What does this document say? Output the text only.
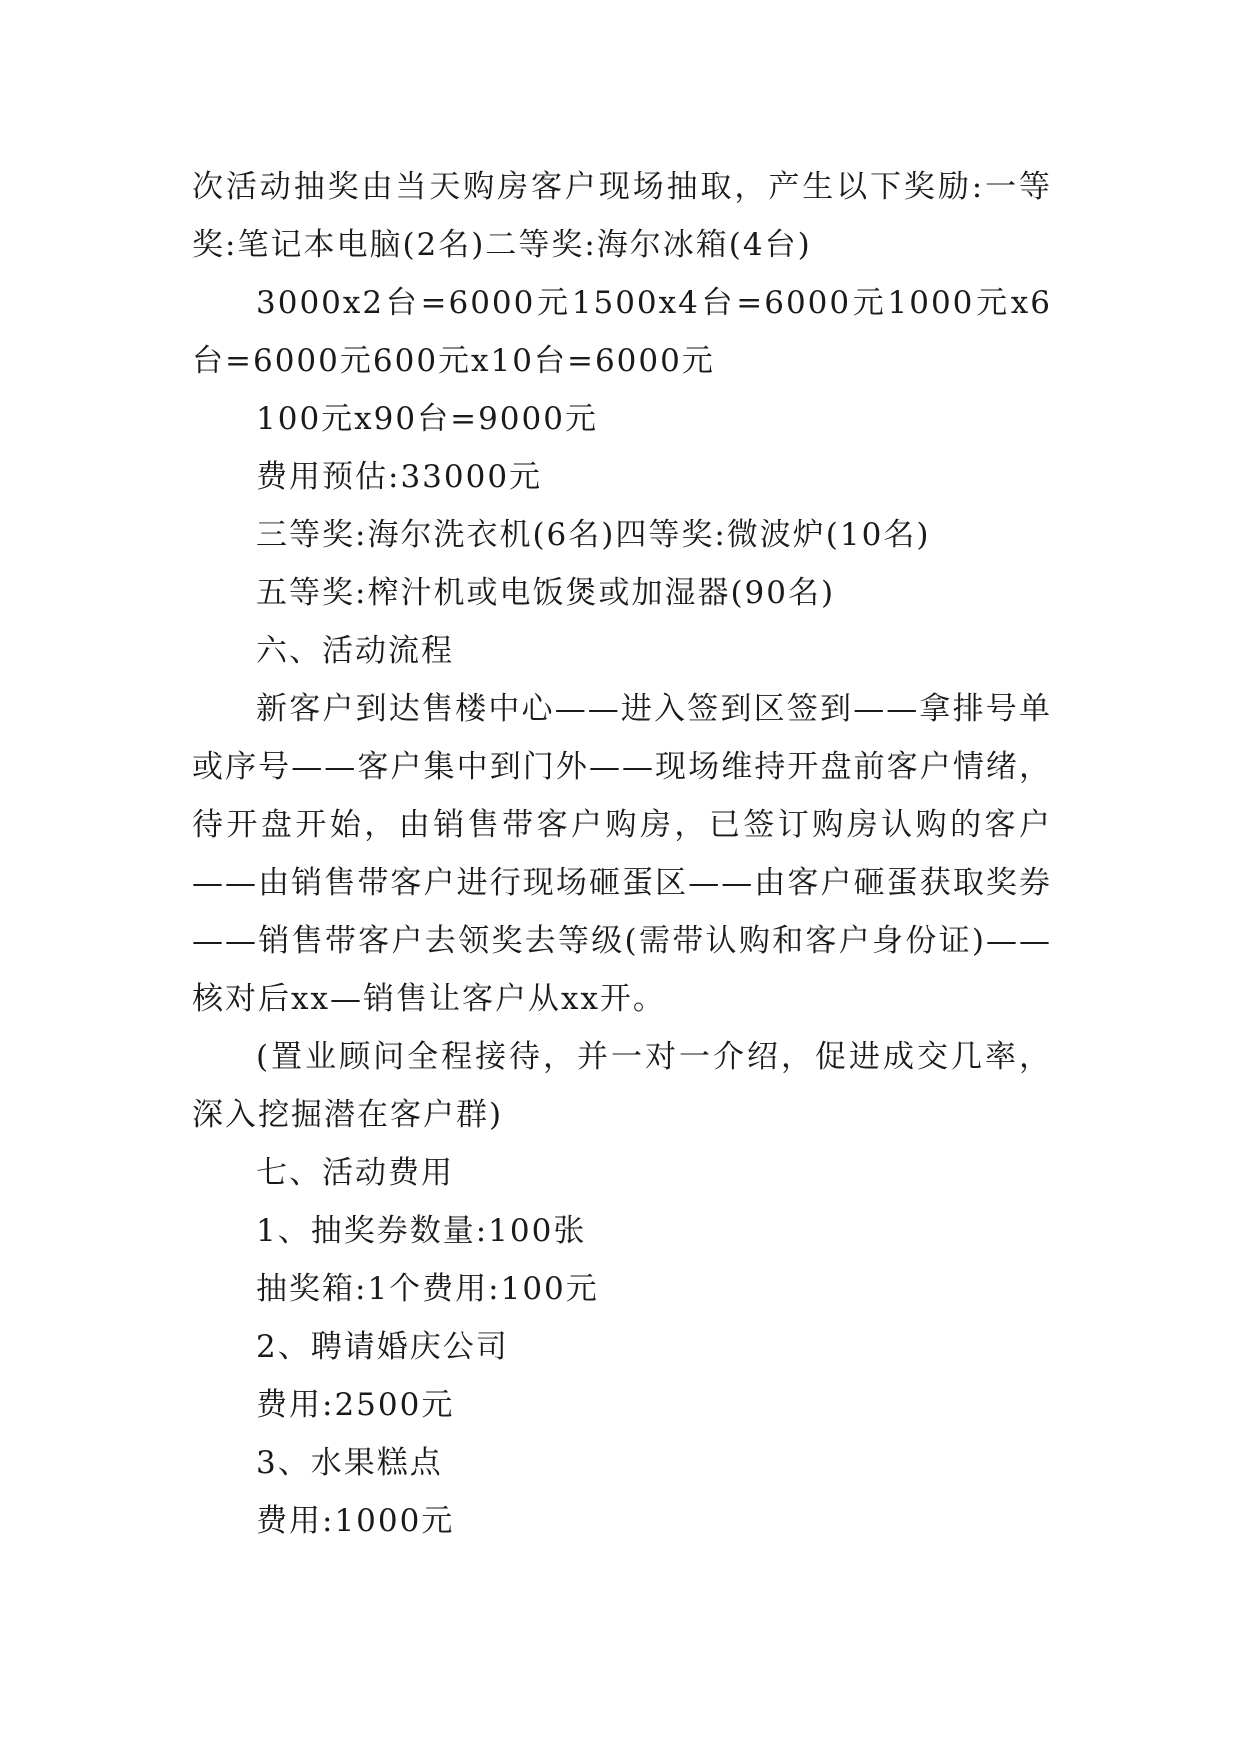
次活动抽奖由当天购房客户现场抽取，产生以下奖励:一等奖:笔记本电脑(2名)二等奖:海尔冰箱(4台)

3000x2台=6000元1500x4台=6000元1000元x6台=6000元600元x10台=6000元

100元x90台=9000元

费用预估:33000元

三等奖:海尔洗衣机(6名)四等奖:微波炉(10名)

五等奖:榨汁机或电饭煲或加湿器(90名)

六、活动流程

新客户到达售楼中心——进入签到区签到——拿排号单或序号——客户集中到门外——现场维持开盘前客户情绪，待开盘开始，由销售带客户购房，已签订购房认购的客户——由销售带客户进行现场砸蛋区——由客户砸蛋获取奖券——销售带客户去领奖去等级(需带认购和客户身份证)——核对后xx—销售让客户从xx开。

(置业顾问全程接待，并一对一介绍，促进成交几率，深入挖掘潜在客户群)

七、活动费用

1、抽奖券数量:100张

抽奖箱:1个费用:100元

2、聘请婚庆公司

费用:2500元

3、水果糕点

费用:1000元
